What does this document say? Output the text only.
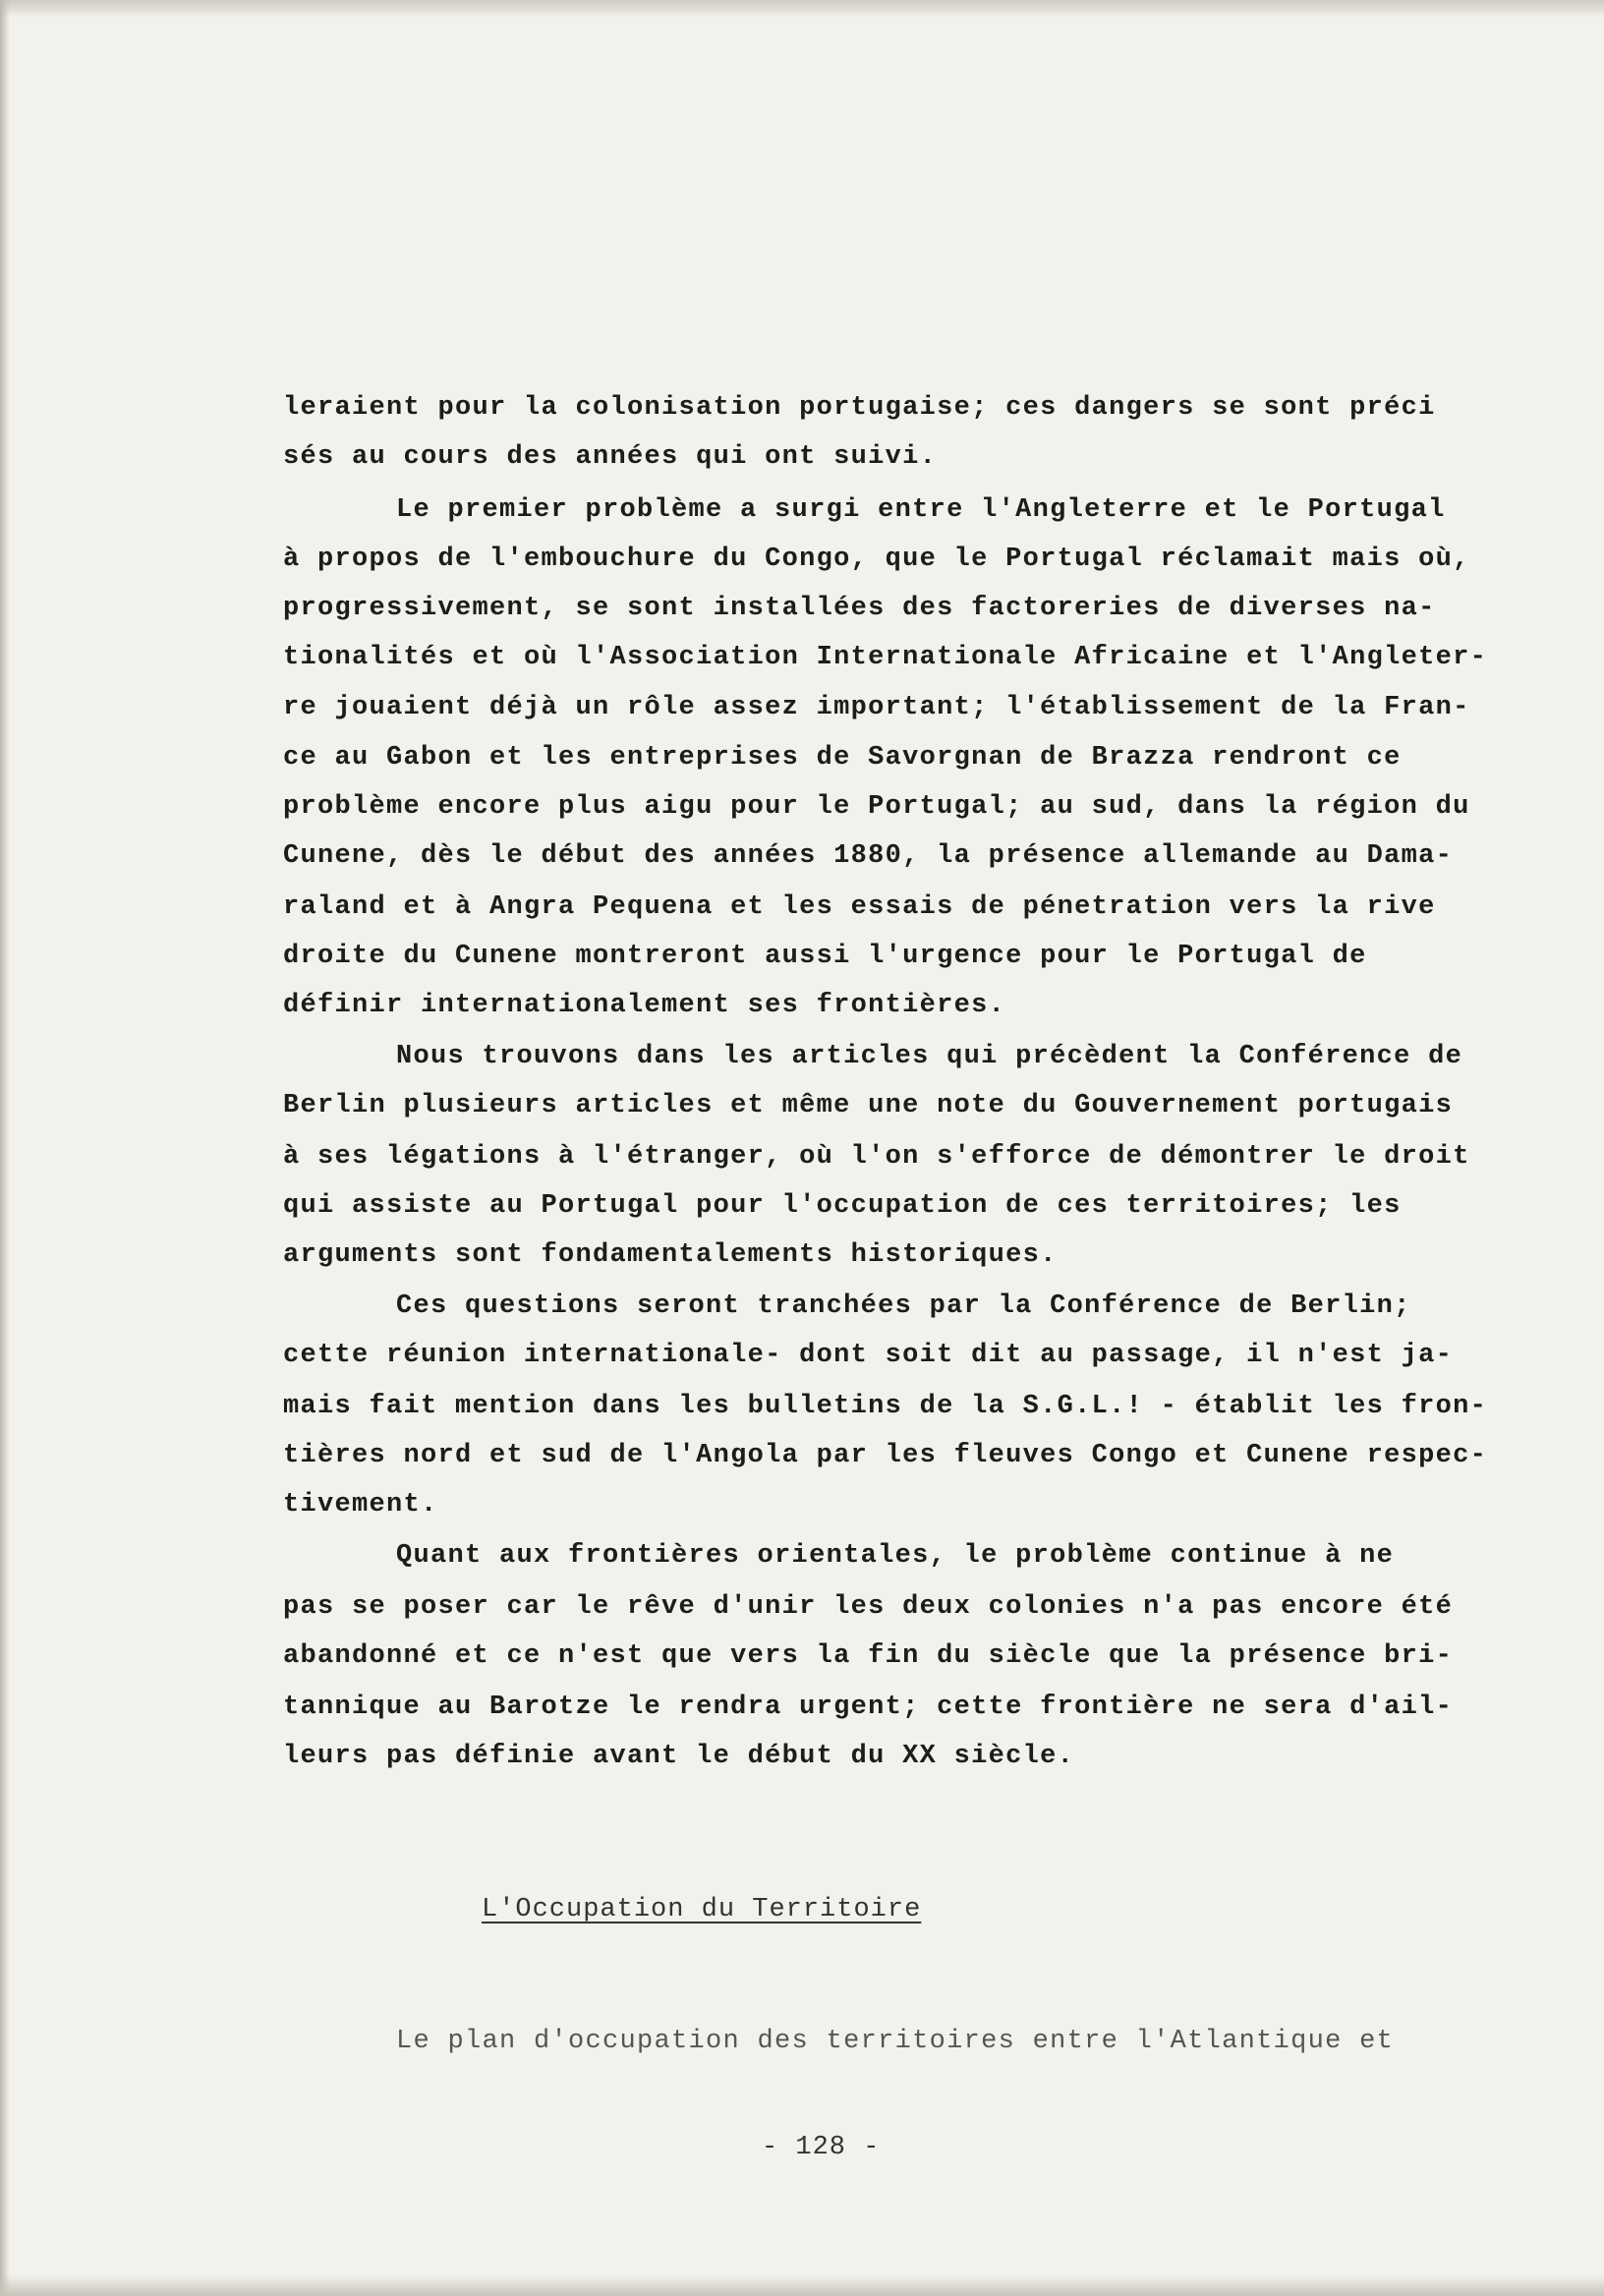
leraient pour la colonisation portugaise; ces dangers se sont préci
sés au cours des années qui ont suivi.
Le premier problème a surgi entre l'Angleterre et le Portugal
à propos de l'embouchure du Congo, que le Portugal réclamait mais où,
progressivement, se sont installées des factoreries de diverses na-
tionalités et où l'Association Internationale Africaine et l'Angleter-
re jouaient déjà un rôle assez important; l'établissement de la Fran-
ce au Gabon et les entreprises de Savorgnan de Brazza rendront ce
problème encore plus aigu pour le Portugal; au sud, dans la région du
Cunene, dès le début des années 1880, la présence allemande au Dama-
raland et à Angra Pequena et les essais de pénetration vers la rive
droite du Cunene montreront aussi l'urgence pour le Portugal de
définir internationalement ses frontières.
Nous trouvons dans les articles qui précèdent la Conférence de
Berlin plusieurs articles et même une note du Gouvernement portugais
à ses légations à l'étranger, où l'on s'efforce de démontrer le droit
qui assiste au Portugal pour l'occupation de ces territoires; les
arguments sont fondamentalements historiques.
Ces questions seront tranchées par la Conférence de Berlin;
cette réunion internationale- dont soit dit au passage, il n'est ja-
mais fait mention dans les bulletins de la S.G.L.! - établit les fron-
tières nord et sud de l'Angola par les fleuves Congo et Cunene respec-
tivement.
Quant aux frontières orientales, le problème continue à ne
pas se poser car le rêve d'unir les deux colonies n'a pas encore été
abandonné et ce n'est que vers la fin du siècle que la présence bri-
tannique au Barotze le rendra urgent; cette frontière ne sera d'ail-
leurs pas définie avant le début du XX siècle.
L'Occupation du Territoire
Le plan d'occupation des territoires entre l'Atlantique et
- 128 -
